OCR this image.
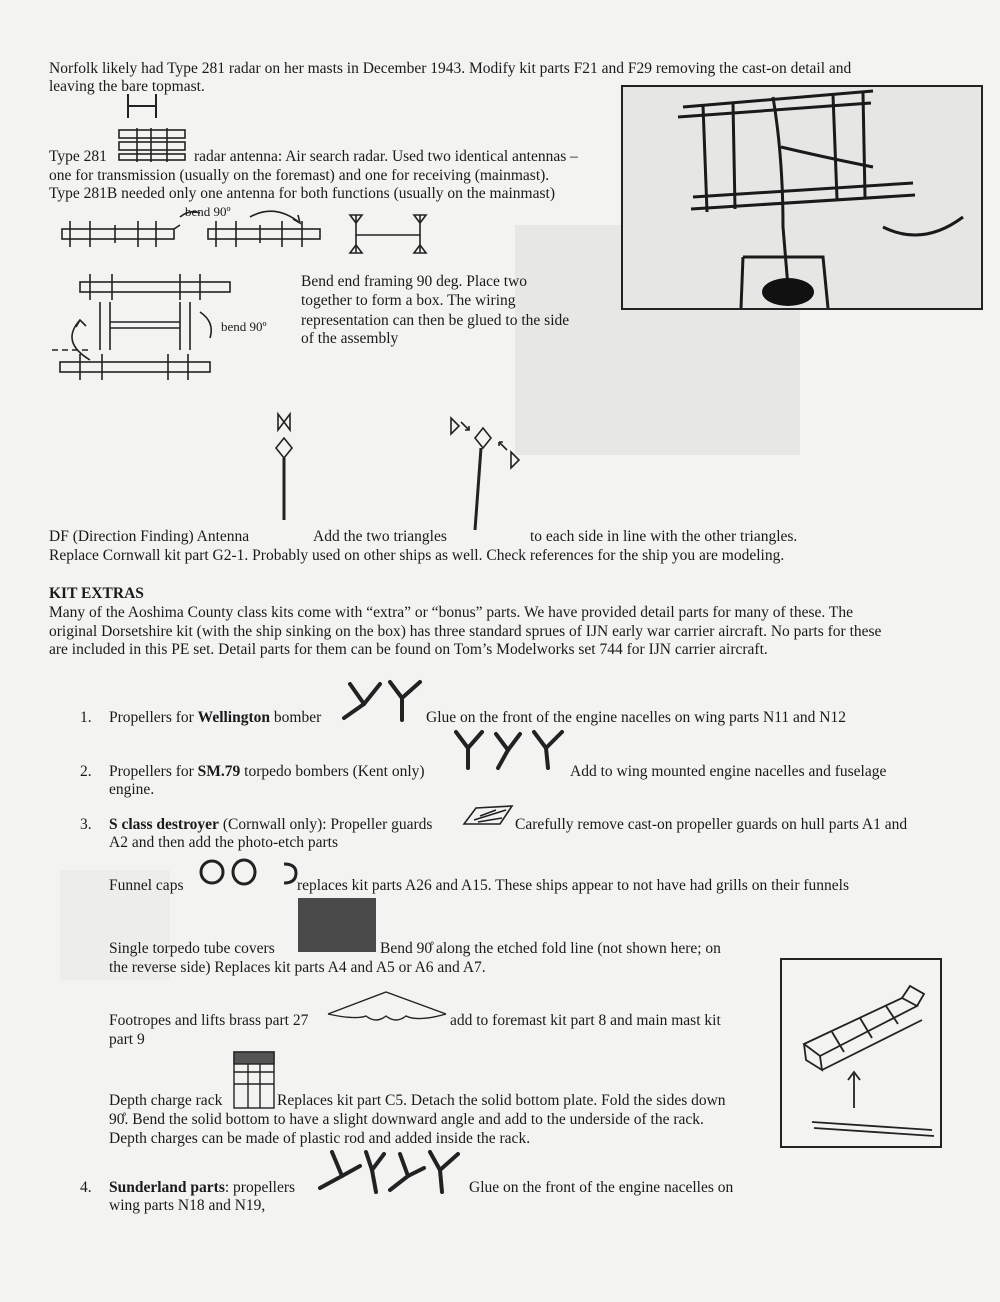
Norfolk likely had Type 281 radar on her masts in December 1943. Modify kit parts F21 and F29 removing the cast-on detail and
leaving the bare topmast.
Type 281	radar antenna: Air search radar. Used two identical antennas –
one for transmission (usually on the foremast) and one for receiving (mainmast).
Type 281B needed only one antenna for both functions (usually on the mainmast)
bend 90º
bend 90º
Bend end framing 90 deg. Place two
together to form a box. The wiring
representation can then be glued to the side
of the assembly
DF (Direction Finding) Antenna	Add the two triangles	to each side in line with the other triangles.
Replace Cornwall kit part G2-1. Probably used on other ships as well. Check references for the ship you are modeling.
KIT EXTRAS
Many of the Aoshima County class kits come with “extra” or “bonus” parts. We have provided detail parts for many of these. The
original Dorsetshire kit (with the ship sinking on the box) has three standard sprues of IJN early war carrier aircraft. No parts for these
are included in this PE set. Detail parts for them can be found on Tom’s Modelworks set 744 for IJN carrier aircraft.
1. Propellers for Wellington bomber	Glue on the front of the engine nacelles on wing parts N11 and N12
2. Propellers for SM.79 torpedo bombers (Kent only)	Add to wing mounted engine nacelles and fuselage
engine.
3. S class destroyer (Cornwall only): Propeller guards	Carefully remove cast-on propeller guards on hull parts A1 and
A2 and then add the photo-etch parts
Funnel caps	replaces kit parts A26 and A15. These ships appear to not have had grills on their funnels
Single torpedo tube covers	Bend 90̊ along the etched fold line (not shown here; on
the reverse side) Replaces kit parts A4 and A5 or A6 and A7.
Footropes and lifts brass part 27	add to foremast kit part 8 and main mast kit
part 9
Depth charge rack	Replaces kit part C5. Detach the solid bottom plate. Fold the sides down
90̊. Bend the solid bottom to have a slight downward angle and add to the underside of the rack.
Depth charges can be made of plastic rod and added inside the rack.
4. Sunderland parts: propellers	Glue on the front of the engine nacelles on
wing parts N18 and N19,
